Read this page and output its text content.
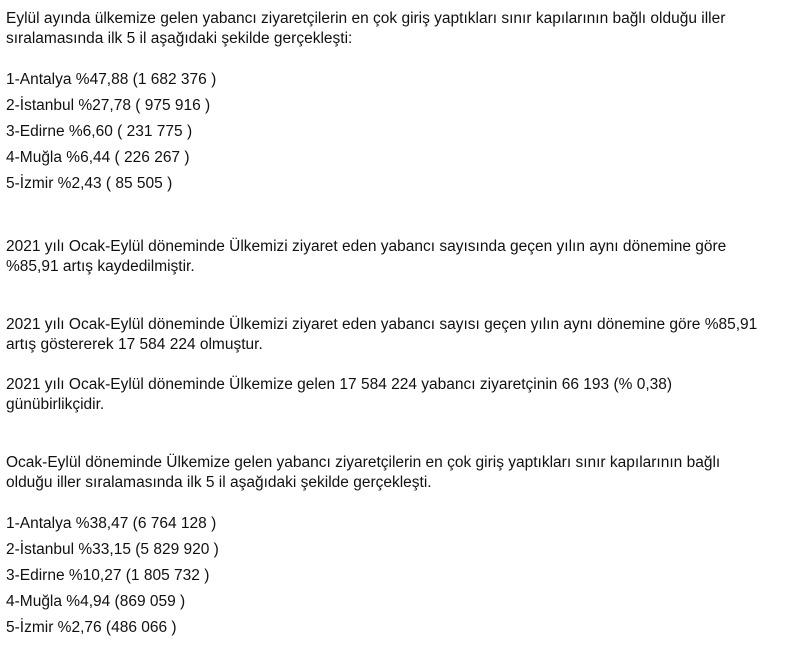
Eylül ayında ülkemize gelen yabancı ziyaretçilerin en çok giriş yaptıkları sınır kapılarının bağlı olduğu iller sıralamasında ilk 5 il aşağıdaki şekilde gerçekleşti:

1-Antalya %47,88 (1 682 376 )
2-İstanbul %27,78 ( 975 916 )
3-Edirne %6,60 ( 231 775 )
4-Muğla %6,44 ( 226 267 )
5-İzmir %2,43 ( 85 505 )

2021 yılı Ocak-Eylül döneminde Ülkemizi ziyaret eden yabancı sayısında geçen yılın aynı dönemine göre %85,91 artış kaydedilmiştir.

2021 yılı Ocak-Eylül döneminde Ülkemizi ziyaret eden yabancı sayısı geçen yılın aynı dönemine göre %85,91 artış göstererek 17 584 224 olmuştur.

2021 yılı Ocak-Eylül döneminde Ülkemize gelen 17 584 224 yabancı ziyaretçinin 66 193 (% 0,38) günübirlikçidir.

Ocak-Eylül döneminde Ülkemize gelen yabancı ziyaretçilerin en çok giriş yaptıkları sınır kapılarının bağlı olduğu iller sıralamasında ilk 5 il aşağıdaki şekilde gerçekleşti.

1-Antalya %38,47 (6 764 128 )
2-İstanbul %33,15 (5 829 920 )
3-Edirne %10,27 (1 805 732 )
4-Muğla %4,94 (869 059 )
5-İzmir %2,76 (486 066 )
